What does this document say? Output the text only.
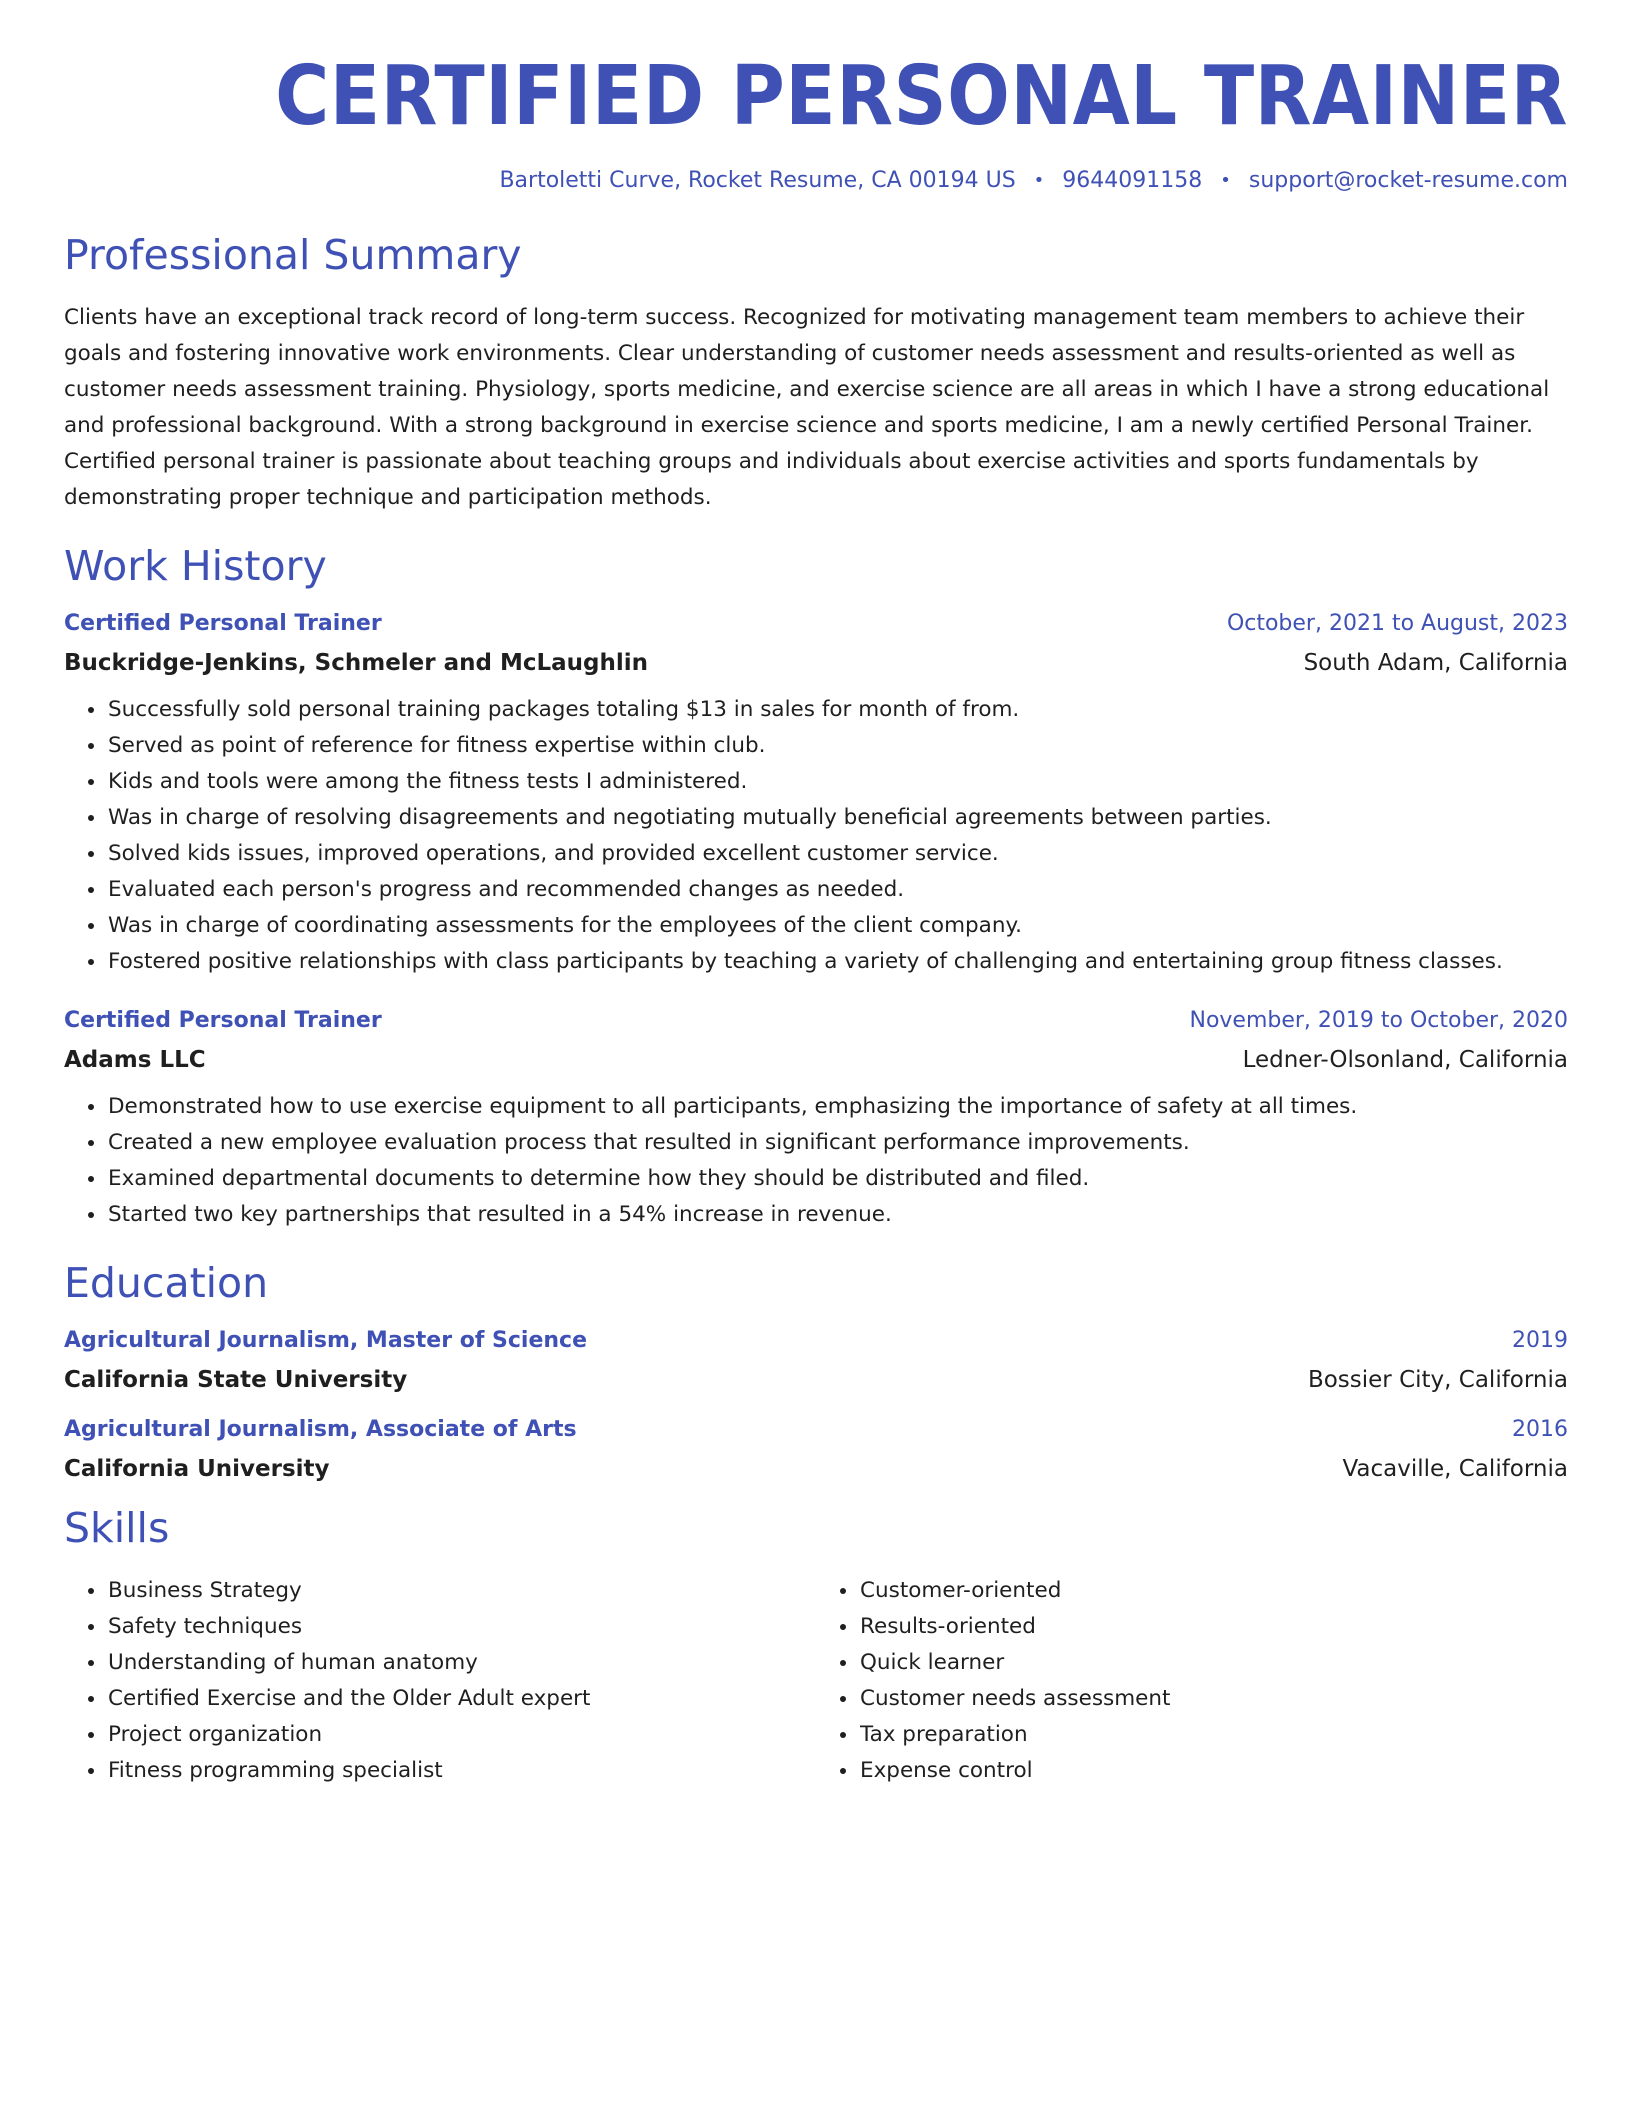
CERTIFIED PERSONAL TRAINER
Bartoletti Curve, Rocket Resume, CA 00194 US • 9644091158 • support@rocket-resume.com
Professional Summary

Clients have an exceptional track record of long-term success. Recognized for motivating management team members to achieve their goals and fostering innovative work environments. Clear understanding of customer needs assessment and results-oriented as well as customer needs assessment training. Physiology, sports medicine, and exercise science are all areas in which I have a strong educational and professional background. With a strong background in exercise science and sports medicine, I am a newly certified Personal Trainer. Certified personal trainer is passionate about teaching groups and individuals about exercise activities and sports fundamentals by demonstrating proper technique and participation methods.

Work History
Certified Personal Trainer	October, 2021 to August, 2023
Buckridge-Jenkins, Schmeler and McLaughlin	South Adam, California
• Successfully sold personal training packages totaling $13 in sales for month of from.
• Served as point of reference for fitness expertise within club.
• Kids and tools were among the fitness tests I administered.
• Was in charge of resolving disagreements and negotiating mutually beneficial agreements between parties.
• Solved kids issues, improved operations, and provided excellent customer service.
• Evaluated each person's progress and recommended changes as needed.
• Was in charge of coordinating assessments for the employees of the client company.
• Fostered positive relationships with class participants by teaching a variety of challenging and entertaining group fitness classes.
Certified Personal Trainer	November, 2019 to October, 2020
Adams LLC	Ledner-Olsonland, California
• Demonstrated how to use exercise equipment to all participants, emphasizing the importance of safety at all times.
• Created a new employee evaluation process that resulted in significant performance improvements.
• Examined departmental documents to determine how they should be distributed and filed.
• Started two key partnerships that resulted in a 54% increase in revenue.
Education
Agricultural Journalism, Master of Science	2019
California State University	Bossier City, California
Agricultural Journalism, Associate of Arts	2016
California University	Vacaville, California
Skills
• Business Strategy
• Safety techniques
• Understanding of human anatomy
• Certified Exercise and the Older Adult expert
• Project organization
• Fitness programming specialist
• Customer-oriented
• Results-oriented
• Quick learner
• Customer needs assessment
• Tax preparation
• Expense control
